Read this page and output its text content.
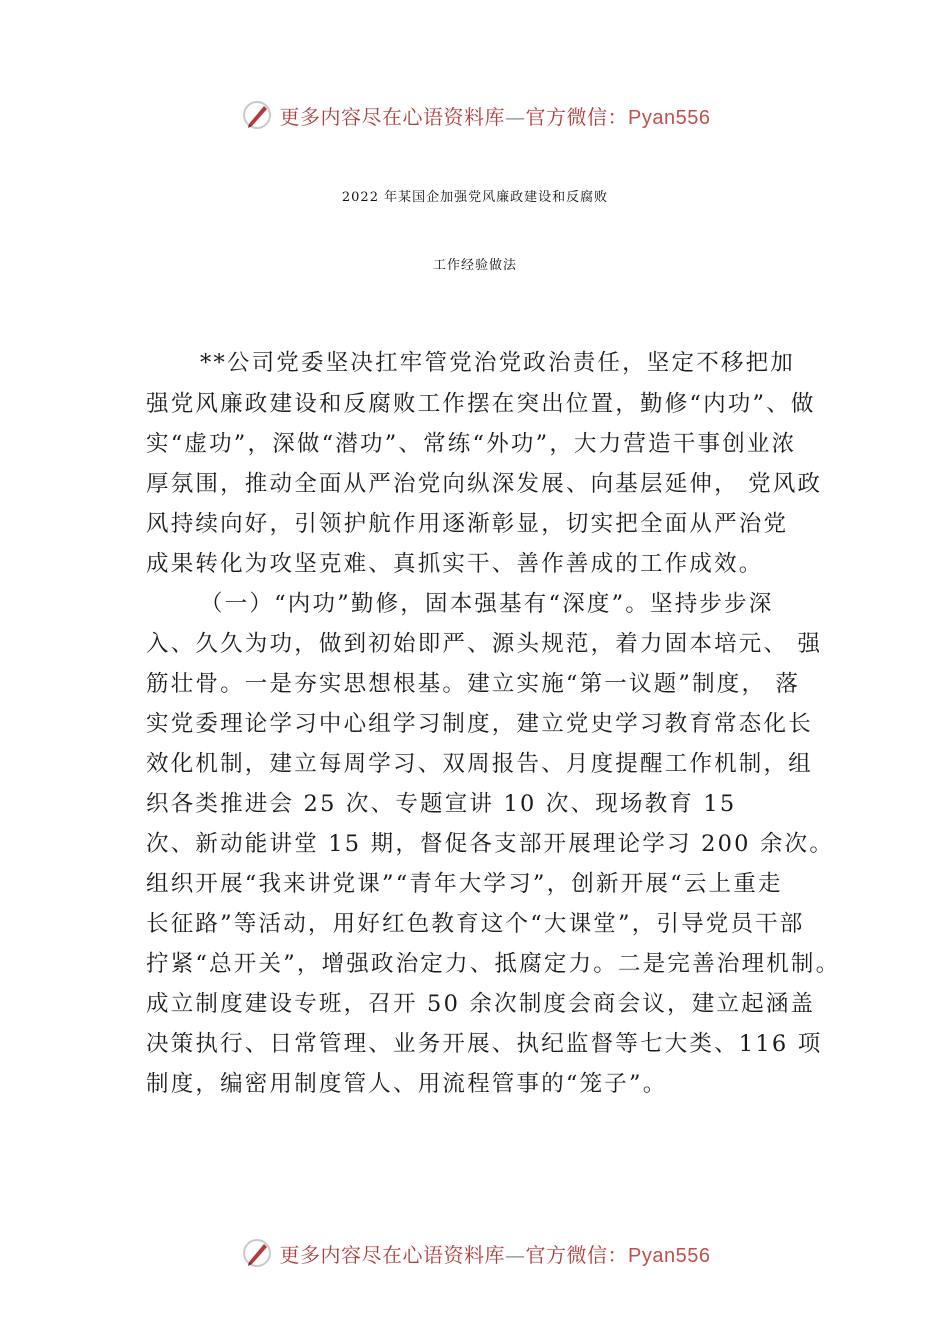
更多内容尽在心语资料库—官方微信：Pyan556
2022 年某国企加强党风廉政建设和反腐败
工作经验做法
**公司党委坚决扛牢管党治党政治责任，坚定不移把加
强党风廉政建设和反腐败工作摆在突出位置，勤修“内功”、做
实“虚功”，深做“潜功”、常练“外功”，大力营造干事创业浓
厚氛围，推动全面从严治党向纵深发展、向基层延伸， 党风政
风持续向好，引领护航作用逐渐彰显，切实把全面从严治党
成果转化为攻坚克难、真抓实干、善作善成的工作成效。
（一）“内功”勤修，固本强基有“深度”。坚持步步深
入、久久为功，做到初始即严、源头规范，着力固本培元、 强
筋壮骨。一是夯实思想根基。建立实施“第一议题”制度， 落
实党委理论学习中心组学习制度，建立党史学习教育常态化长
效化机制，建立每周学习、双周报告、月度提醒工作机制，组
织各类推进会 25 次、专题宣讲 10 次、现场教育 15
次、新动能讲堂 15 期，督促各支部开展理论学习 200 余次。
组织开展“我来讲党课”“青年大学习”，创新开展“云上重走
长征路”等活动，用好红色教育这个“大课堂”，引导党员干部
拧紧“总开关”，增强政治定力、抵腐定力。二是完善治理机制。
成立制度建设专班，召开 50 余次制度会商会议，建立起涵盖
决策执行、日常管理、业务开展、执纪监督等七大类、116 项
制度，编密用制度管人、用流程管事的“笼子”。
更多内容尽在心语资料库—官方微信：Pyan556
